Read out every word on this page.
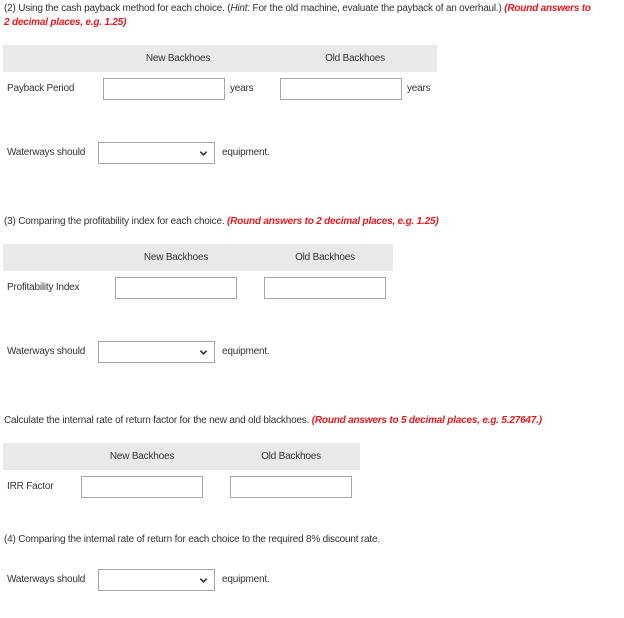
(2) Using the cash payback method for each choice. (Hint: For the old machine, evaluate the payback of an overhaul.) (Round answers to
2 decimal places, e.g. 1.25)
New Backhoes	Old Backhoes
Payback Period	years	years
Waterways should	equipment.
(3) Comparing the profitability index for each choice. (Round answers to 2 decimal places, e.g. 1.25)
New Backhoes	Old Backhoes
Profitability Index
Waterways should	equipment.
Calculate the internal rate of return factor for the new and old blackhoes. (Round answers to 5 decimal places, e.g. 5.27647.)
New Backhoes	Old Backhoes
IRR Factor
(4) Comparing the internal rate of return for each choice to the required 8% discount rate.
Waterways should	equipment.
